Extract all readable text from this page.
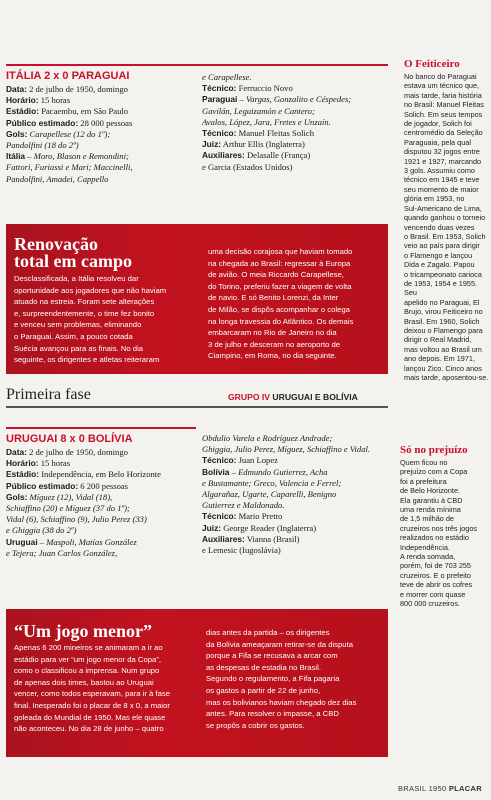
ITÁLIA 2 x 0 PARAGUAI

Data: 2 de julho de 1950, domingo

Horário: 15 horas

Estádio: Pacaembu, em São Paulo

Público estimado: 28 000 pessoas

Gols: Carapellese (12 do 1º);

Pandolfini (18 do 2º)

Itália – Moro, Blason e Remondini;

Fattori, Furiassi e Mari; Maccinelli,

Pandolfini, Amadei, Cappello

e Carapellese.

Técnico: Ferruccio Novo

Paraguai – Vargas, Gonzalito e Céspedes;

Gavilán, Leguizamón e Cantero;

Avalos, López, Jara, Fretes e Unzaín.

Técnico: Manuel Fleitas Solich

Juiz: Arthur Ellis (Inglaterra)

Auxiliares: Delasalle (França)

e Garcia (Estados Unidos)

Renovação
total em campo
Desclassificada, a Itália resolveu dar
oportunidade aos jogadores que não haviam
atuado na estreia. Foram sete alterações
e, surpreendentemente, o time fez bonito
e venceu sem problemas, eliminando
o Paraguai. Assim, a pouco cotada
Suécia avançou para as finais. No dia
seguinte, os dirigentes e atletas reiteraram
uma decisão corajosa que haviam tomado
na chegada ao Brasil: regressar à Europa
de avião. O meia Riccardo Carapellese,
do Torino, preferiu fazer a viagem de volta
de navio. E só Benito Lorenzi, da Inter
de Milão, se dispôs acompanhar o colega
na longa travessia do Atlântico. Os demais
embarcaram no Rio de Janeiro no dia
3 de julho e desceram no aeroporto de
Ciampino, em Roma, no dia seguinte.
O Feiticeiro
No banco do Paraguai
estava um técnico que,
mais tarde, faria história
no Brasil: Manuel Fleitas
Solich. Em seus tempos
de jogador, Solich foi
centromédio da Seleção
Paraguaia, pela qual
disputou 32 jogos entre
1921 e 1927, marcando
3 gols. Assumiu como
técnico em 1945 e teve
seu momento de maior
glória em 1953, no
Sul-Americano de Lima,
quando ganhou o torneio
vencendo duas vezes
o Brasil. Em 1953, Solich
veio ao país para dirigir
o Flamengo e lançou
Dida e Zagalo. Papou
o tricampeonato carioca
de 1953, 1954 e 1955. Seu
apelido no Paraguai, El
Brujo, virou Feiticeiro no
Brasil. Em 1960, Solich
deixou o Flamengo para
dirigir o Real Madrid,
mas voltou ao Brasil um
ano depois. Em 1971,
lançou Zico. Cinco anos
mais tarde, aposentou-se.
Primeira fase	GRUPO IV URUGUAI E BOLÍVIA
URUGUAI 8 x 0 BOLÍVIA

Data: 2 de julho de 1950, domingo

Horário: 15 horas

Estádio: Independência, em Belo Horizonte

Público estimado: 6 200 pessoas

Gols: Míguez (12), Vidal (18),

Schiaffino (20) e Míguez (37 do 1º);

Vidal (6), Schiaffino (9), Julio Perez (33)

e Ghiggia (38 do 2º)

Uruguai – Maspoli, Matías González

e Tejera; Juan Carlos González,

Obdulio Varela e Rodríguez Andrade;

Ghiggia, Julio Perez, Míguez, Schiaffino e Vidal.

Técnico: Juan Lopez

Bolívia – Edmundo Gutierrez, Acha

e Bustamante; Greco, Valencia e Ferrel;

Algarañaz, Ugarte, Caparelli, Benigno

Gutierrez e Maldonado.

Técnico: Mario Pretto

Juiz: George Reader (Inglaterra)

Auxiliares: Vianna (Brasil)

e Lemesic (Iugoslávia)

“Um jogo menor”
Apenas 6 200 mineiros se animaram a ir ao
estádio para ver “um jogo menor da Copa”,
como o classificou a imprensa. Num grupo
de apenas dois times, bastou ao Uruguai
vencer, como todos esperavam, para ir à fase
final. Inesperado foi o placar de 8 x 0, a maior
goleada do Mundial de 1950. Mas ele quase
não aconteceu. No dia 28 de junho – quatro
dias antes da partida – os dirigentes
da Bolívia ameaçaram retirar-se da disputa
porque a Fifa se recusava a arcar com
as despesas de estadia no Brasil.
Segundo o regulamento, a Fifa pagaria
os gastos a partir de 22 de junho,
mas os bolivianos haviam chegado dez dias
antes. Para resolver o impasse, a CBD
se propôs a cobrir os gastos.
Só no prejuízo
Quem ficou no
prejuízo com a Copa
foi a prefeitura
de Belo Horizonte.
Ela garantiu à CBD
uma renda mínima
de 1,5 milhão de
cruzeiros nos três jogos
realizados no estádio
Independência.
A renda somada,
porém, foi de 703 255
cruzeiros. E o prefeito
teve de abrir os cofres
e morrer com quase
800 000 cruzeiros.
BRASIL 1950 PLACAR
